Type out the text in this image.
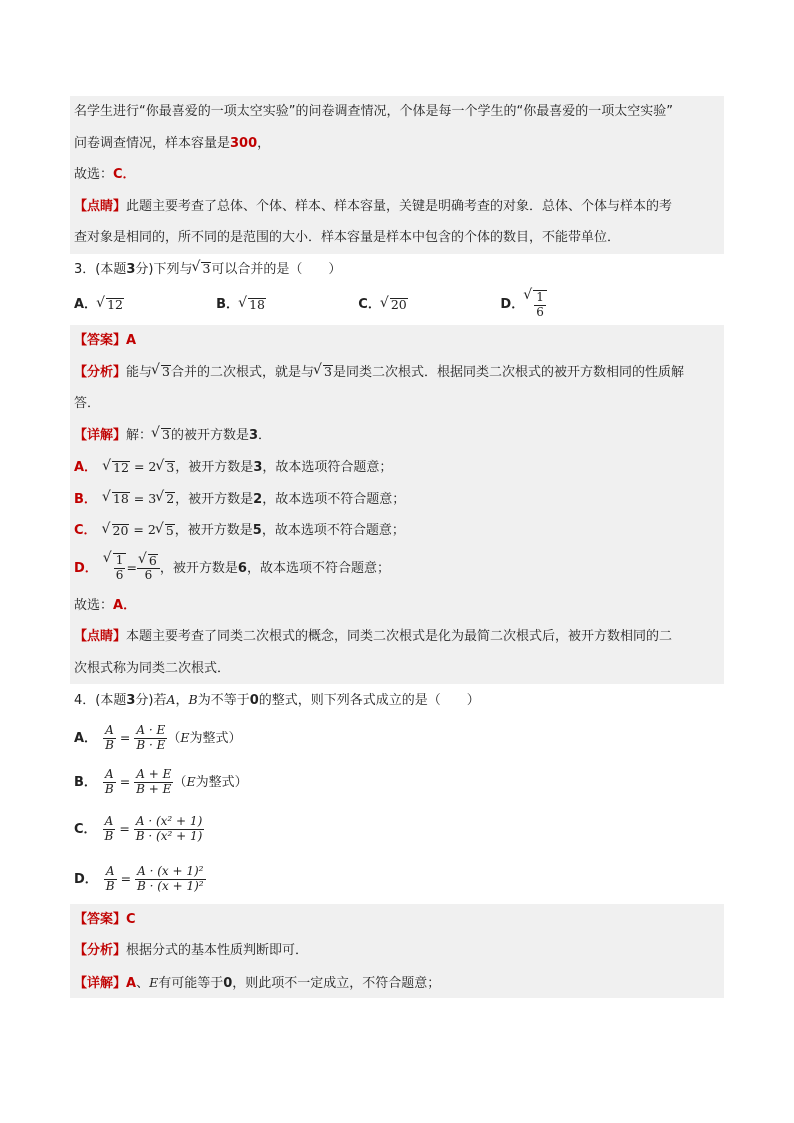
名学生进行“你最喜爱的一项太空实验”的问卷调查情况，个体是每一个学生的“你最喜爱的一项太空实验”
问卷调查情况，样本容量是300，
故选：C．
【点睛】此题主要考查了总体、个体、样本、样本容量，关键是明确考查的对象．总体、个体与样本的考
查对象是相同的，所不同的是范围的大小．样本容量是样本中包含的个体的数目，不能带单位．
3．(本题3分)下列与 √ 3可以合并的是（　　）
A． √ 12	B． √ 18	C． √ 20	D． √ $\frac{1}{6}$
【答案】A
【分析】能与 √ 3合并的二次根式，就是与 √ 3是同类二次根式．根据同类二次根式的被开方数相同的性质解
答．
【详解】解： √ 3的被开方数是3．
A． √ 12 = 2 √ 3，被开方数是3，故本选项符合题意；
B． √ 18 = 3 √ 2，被开方数是2，故本选项不符合题意；
C． √ 20 = 2 √ 5，被开方数是5，故本选项不符合题意；
D． √ $\frac{1}{6}$ = √ $\frac{6}{6}$ ，被开方数是6，故本选项不符合题意；
故选：A．
【点睛】本题主要考查了同类二次根式的概念，同类二次根式是化为最简二次根式后，被开方数相同的二
次根式称为同类二次根式．
4．(本题3分)若A，B为不等于0的整式，则下列各式成立的是（　　）
A． $\frac{A}{B} = \frac{A \cdot E}{B \cdot E} (E$为整式）
B． $\frac{A}{B} = \frac{A + E}{B + E} (E$为整式）
C． $\frac{A}{B} = \frac{\text{A · (x² + 1)}}{\text{B · (x² + 1)}}$
D． $\frac{A}{B} = \frac{\text{A · (x + 1)²}}{\text{B · (x + 1)²}}$
【答案】C
【分析】根据分式的基本性质判断即可．
【详解】A、E有可能等于0，则此项不一定成立，不符合题意；
